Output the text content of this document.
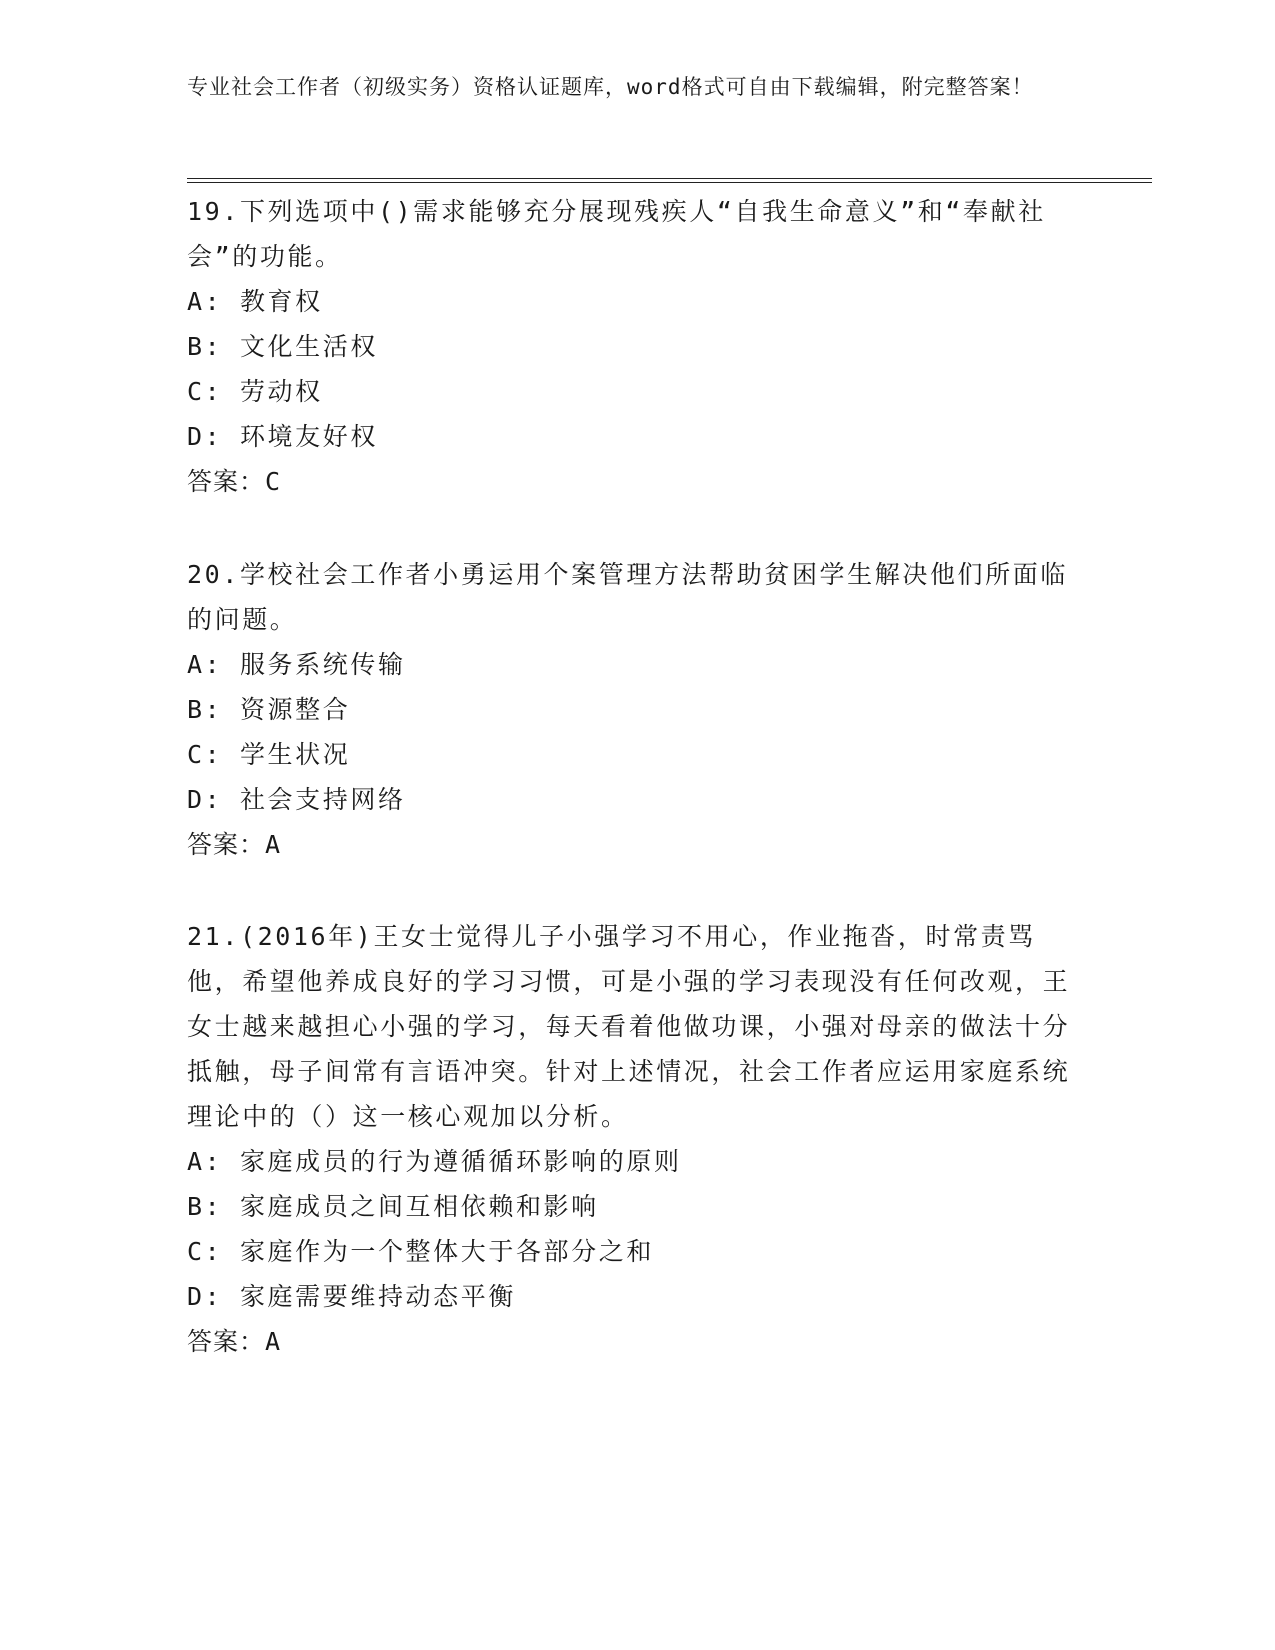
专业社会工作者（初级实务）资格认证题库，word格式可自由下载编辑，附完整答案！

19.下列选项中()需求能够充分展现残疾人“自我生命意义”和“奉献社会”的功能。

A: 教育权

B: 文化生活权

C: 劳动权

D: 环境友好权

答案：C

20.学校社会工作者小勇运用个案管理方法帮助贫困学生解决他们所面临的问题。

A: 服务系统传输

B: 资源整合

C: 学生状况

D: 社会支持网络

答案：A

21.(2016年)王女士觉得儿子小强学习不用心，作业拖沓，时常责骂他，希望他养成良好的学习习惯，可是小强的学习表现没有任何改观，王女士越来越担心小强的学习，每天看着他做功课，小强对母亲的做法十分抵触，母子间常有言语冲突。针对上述情况，社会工作者应运用家庭系统理论中的（）这一核心观加以分析。

A: 家庭成员的行为遵循循环影响的原则

B: 家庭成员之间互相依赖和影响

C: 家庭作为一个整体大于各部分之和

D: 家庭需要维持动态平衡

答案：A
